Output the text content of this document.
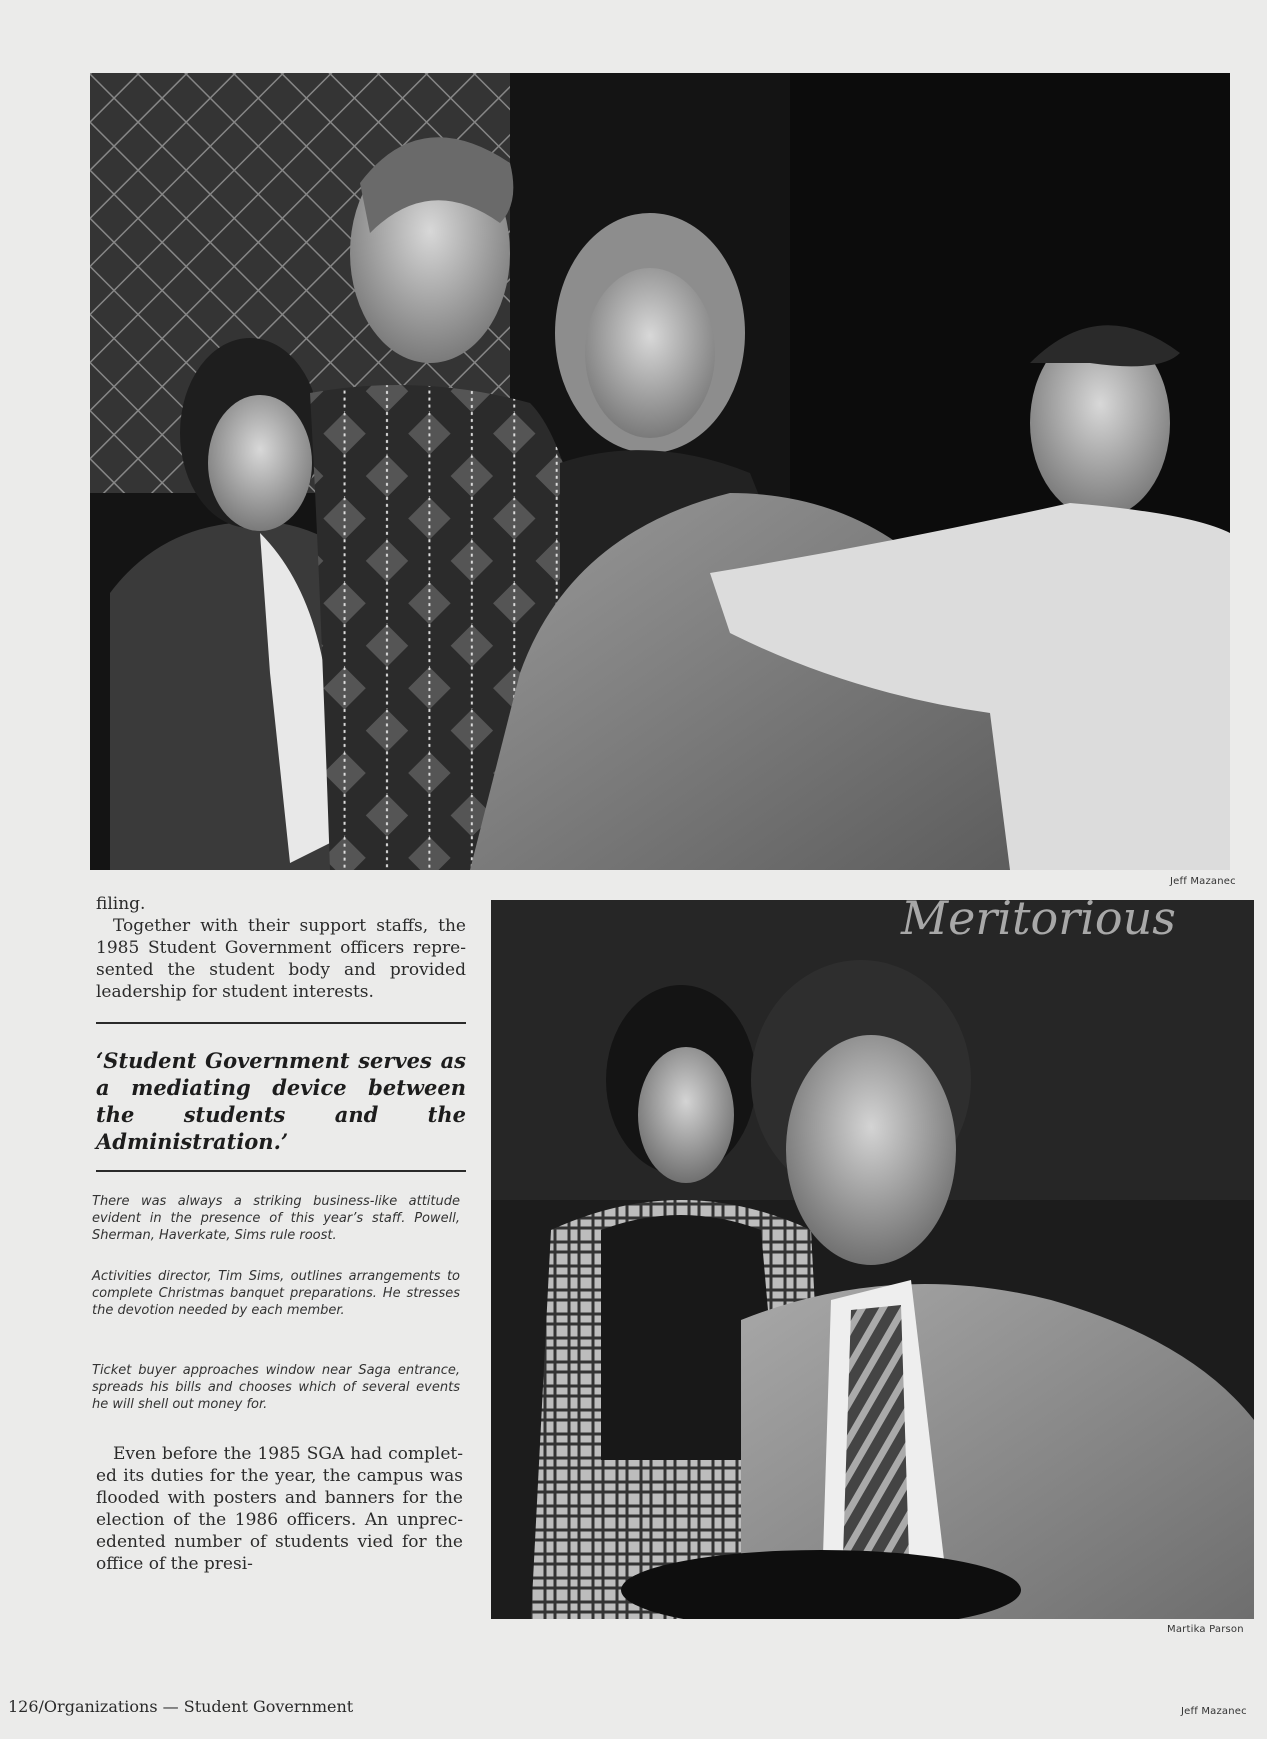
Jeff Mazanec
Meritorious
Martika Parson
filing.
Together with their support staffs, the 1985 Student Government officers represented the student body and provided leadership for student interests.
‘Student Government serves as a mediating device between the students and the Administration.’
There was always a striking business-like attitude evident in the presence of this year’s staff. Powell, Sherman, Haverkate, Sims rule roost.
Activities director, Tim Sims, outlines arrangements to complete Christmas banquet preparations. He stresses the devotion needed by each member.
Ticket buyer approaches window near Saga entrance, spreads his bills and chooses which of several events he will shell out money for.
Even before the 1985 SGA had completed its duties for the year, the campus was flooded with posters and banners for the election of the 1986 officers. An unprecedented number of students vied for the office of the presi-
126/Organizations — Student Government	Jeff Mazanec
